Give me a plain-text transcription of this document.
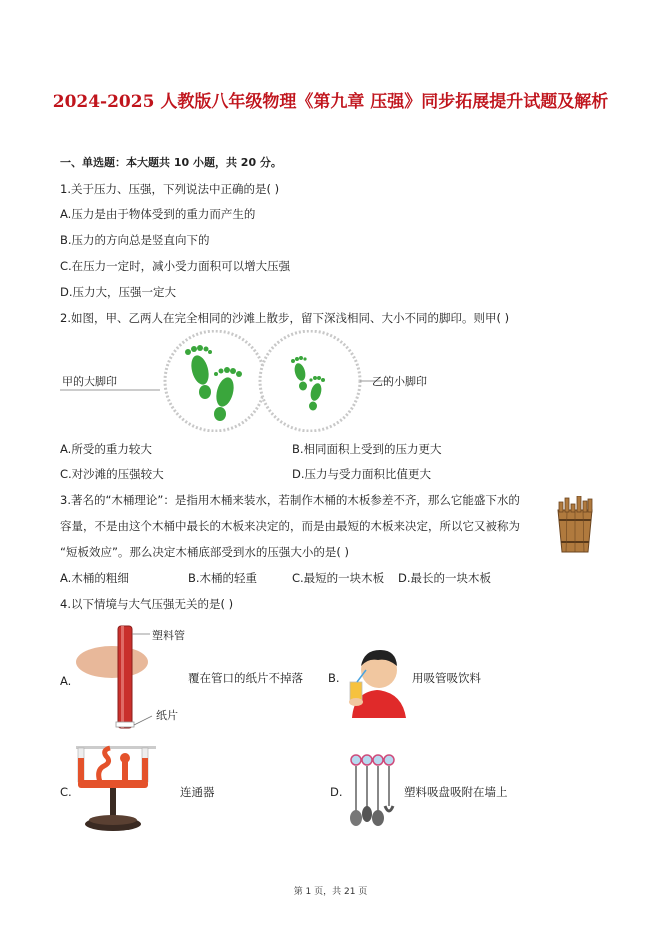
2024-2025 人教版八年级物理《第九章 压强》同步拓展提升试题及解析
一、单选题：本大题共 10 小题，共 20 分。
1.关于压力、压强，下列说法中正确的是( )
A.压力是由于物体受到的重力而产生的
B.压力的方向总是竖直向下的
C.在压力一定时，减小受力面积可以增大压强
D.压力大，压强一定大
2.如图，甲、乙两人在完全相同的沙滩上散步，留下深浅相同、大小不同的脚印。则甲( )
甲的大脚印	乙的小脚印
A.所受的重力较大	B.相同面积上受到的压力更大
C.对沙滩的压强较大	D.压力与受力面积比值更大
3.著名的“木桶理论”：是指用木桶来装水，若制作木桶的木板参差不齐，那么它能盛下水的
容量，不是由这个木桶中最长的木板来决定的，而是由最短的木板来决定，所以它又被称为
“短板效应”。那么决定木桶底部受到水的压强大小的是( )
A.木桶的粗细	B.木桶的轻重	C.最短的一块木板 D.最长的一块木板
4.以下情境与大气压强无关的是( )
A.
塑料管
纸片
覆在管口的纸片不掉落 B.	用吸管吸饮料
C.	连通器	D.	塑料吸盘吸附在墙上
第 1 页，共 21 页
